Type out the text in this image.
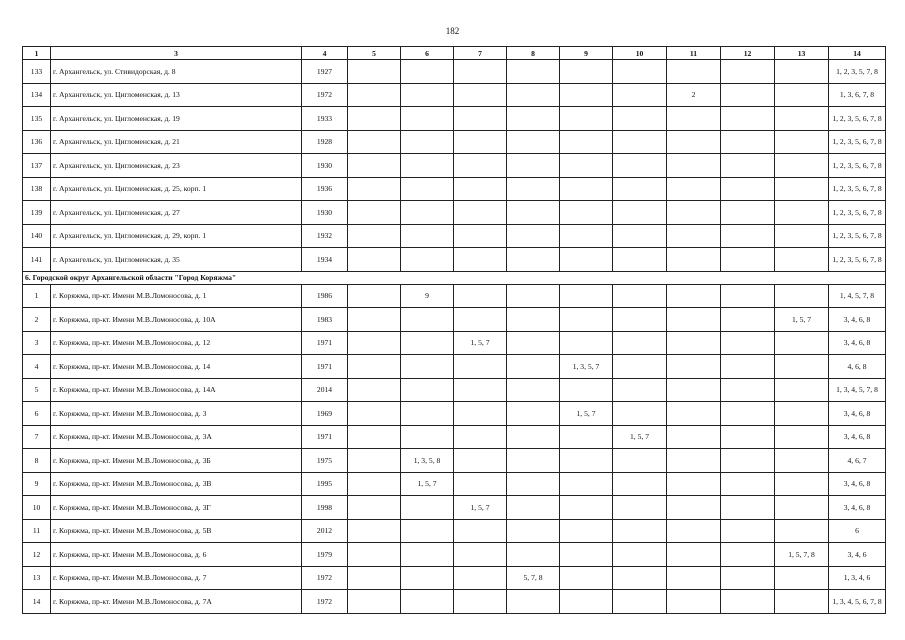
182
1	3	4	5	6	7	8	9	10	11	12	13	14
133	г. Архангельск, ул. Стивидорская, д. 8	1927										1, 2, 3, 5, 7, 8
134	г. Архангельск, ул. Цигломенская, д. 13	1972							2			1, 3, 6, 7, 8
135	г. Архангельск, ул. Цигломенская, д. 19	1933										1, 2, 3, 5, 6, 7, 8
136	г. Архангельск, ул. Цигломенская, д. 21	1928										1, 2, 3, 5, 6, 7, 8
137	г. Архангельск, ул. Цигломенская, д. 23	1930										1, 2, 3, 5, 6, 7, 8
138	г. Архангельск, ул. Цигломенская, д. 25, корп. 1	1936										1, 2, 3, 5, 6, 7, 8
139	г. Архангельск, ул. Цигломенская, д. 27	1930										1, 2, 3, 5, 6, 7, 8
140	г. Архангельск, ул. Цигломенская, д. 29, корп. 1	1932										1, 2, 3, 5, 6, 7, 8
141	г. Архангельск, ул. Цигломенская, д. 35	1934										1, 2, 3, 5, 6, 7, 8
6. Городской округ Архангельской области "Город Коряжма"												
1	г. Коряжма, пр-кт. Имени М.В.Ломоносова, д. 1	1986		9								1, 4, 5, 7, 8
2	г. Коряжма, пр-кт. Имени М.В.Ломоносова, д. 10А	1983									1, 5, 7	3, 4, 6, 8
3	г. Коряжма, пр-кт. Имени М.В.Ломоносова, д. 12	1971			1, 5, 7							3, 4, 6, 8
4	г. Коряжма, пр-кт. Имени М.В.Ломоносова, д. 14	1971					1, 3, 5, 7					4, 6, 8
5	г. Коряжма, пр-кт. Имени М.В.Ломоносова, д. 14А	2014										1, 3, 4, 5, 7, 8
6	г. Коряжма, пр-кт. Имени М.В.Ломоносова, д. 3	1969					1, 5, 7					3, 4, 6, 8
7	г. Коряжма, пр-кт. Имени М.В.Ломоносова, д. 3А	1971						1, 5, 7				3, 4, 6, 8
8	г. Коряжма, пр-кт. Имени М.В.Ломоносова, д. 3Б	1975		1, 3, 5, 8								4, 6, 7
9	г. Коряжма, пр-кт. Имени М.В.Ломоносова, д. 3В	1995		1, 5, 7								3, 4, 6, 8
10	г. Коряжма, пр-кт. Имени М.В.Ломоносова, д. 3Г	1998			1, 5, 7							3, 4, 6, 8
11	г. Коряжма, пр-кт. Имени М.В.Ломоносова, д. 5В	2012										6
12	г. Коряжма, пр-кт. Имени М.В.Ломоносова, д. 6	1979									1, 5, 7, 8	3, 4, 6
13	г. Коряжма, пр-кт. Имени М.В.Ломоносова, д. 7	1972				5, 7, 8						1, 3, 4, 6
14	г. Коряжма, пр-кт. Имени М.В.Ломоносова, д. 7А	1972										1, 3, 4, 5, 6, 7, 8
